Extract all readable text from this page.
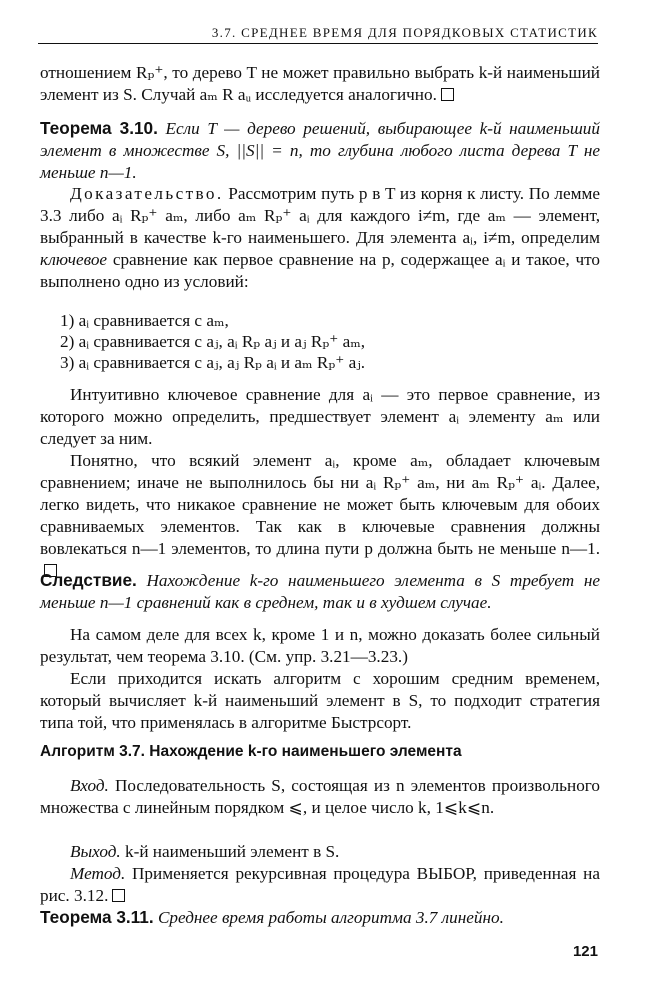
3.7. СРЕДНЕЕ ВРЕМЯ ДЛЯ ПОРЯДКОВЫХ СТАТИСТИК

отношением Rₚ⁺, то дерево T не может правильно выбрать k-й наименьший элемент из S. Случай aₘ R aᵤ исследуется аналогично.

Теорема 3.10. Если T — дерево решений, выбирающее k-й наименьший элемент в множестве S, ||S|| = n, то глубина любого листа дерева T не меньше n—1.

Доказательство. Рассмотрим путь p в T из корня к листу. По лемме 3.3 либо aᵢ Rₚ⁺ aₘ, либо aₘ Rₚ⁺ aᵢ для каждого i≠m, где aₘ — элемент, выбранный в качестве k-го наименьшего. Для элемента aᵢ, i≠m, определим ключевое сравнение как первое сравнение на p, содержащее aᵢ и такое, что выполнено одно из условий:

1) aᵢ сравнивается с aₘ,
2) aᵢ сравнивается с aⱼ, aᵢ Rₚ aⱼ и aⱼ Rₚ⁺ aₘ,
3) aᵢ сравнивается с aⱼ, aⱼ Rₚ aᵢ и aₘ Rₚ⁺ aⱼ.

Интуитивно ключевое сравнение для aᵢ — это первое сравнение, из которого можно определить, предшествует элемент aᵢ элементу aₘ или следует за ним.

Понятно, что всякий элемент aᵢ, кроме aₘ, обладает ключевым сравнением; иначе не выполнилось бы ни aᵢ Rₚ⁺ aₘ, ни aₘ Rₚ⁺ aᵢ. Далее, легко видеть, что никакое сравнение не может быть ключевым для обоих сравниваемых элементов. Так как в ключевые сравнения должны вовлекаться n—1 элементов, то длина пути p должна быть не меньше n—1.

Следствие. Нахождение k-го наименьшего элемента в S требует не меньше n—1 сравнений как в среднем, так и в худшем случае.

На самом деле для всех k, кроме 1 и n, можно доказать более сильный результат, чем теорема 3.10. (См. упр. 3.21—3.23.)

Если приходится искать алгоритм с хорошим средним временем, который вычисляет k-й наименьший элемент в S, то подходит стратегия типа той, что применялась в алгоритме Быстрсорт.

Алгоритм 3.7. Нахождение k-го наименьшего элемента

Вход. Последовательность S, состоящая из n элементов произвольного множества с линейным порядком ⩽, и целое число k, 1⩽k⩽n.

Выход. k-й наименьший элемент в S.

Метод. Применяется рекурсивная процедура ВЫБОР, приведенная на рис. 3.12.

Теорема 3.11. Среднее время работы алгоритма 3.7 линейно.

121
